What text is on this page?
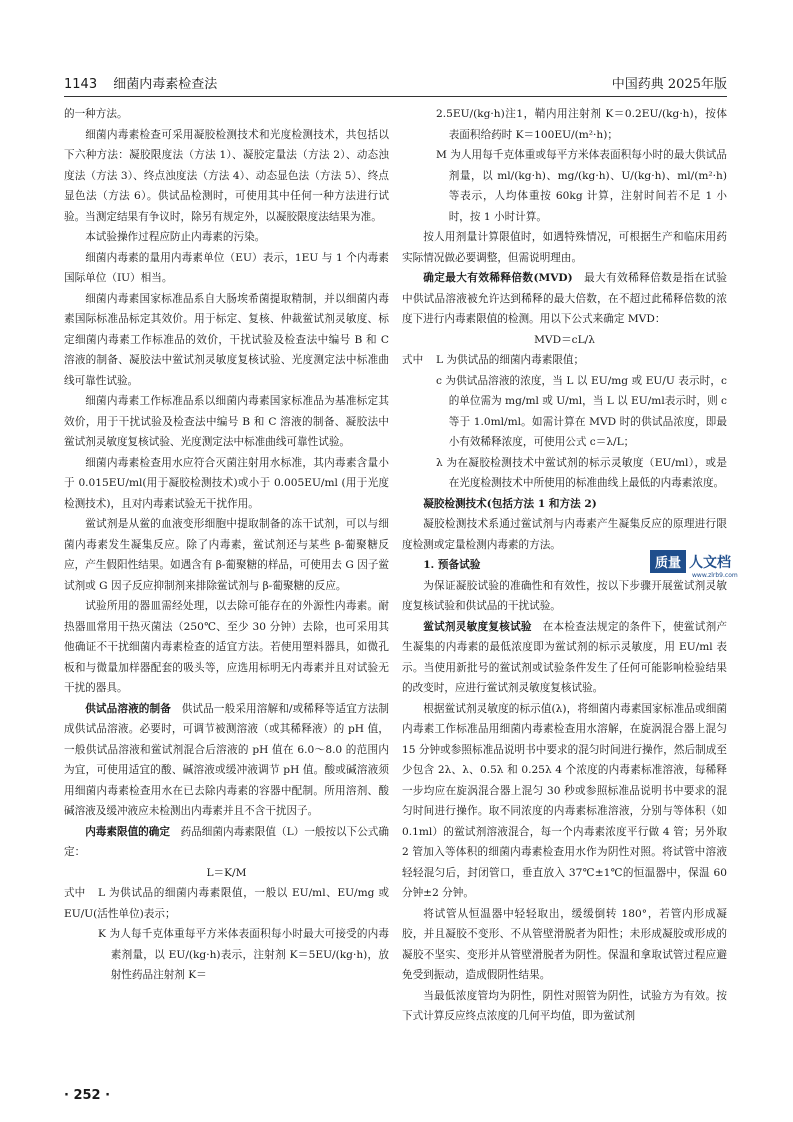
1143 细菌内毒素检查法	中国药典 2025年版

的一种方法。

细菌内毒素检查可采用凝胶检测技术和光度检测技术，共包括以下六种方法：凝胶限度法（方法 1）、凝胶定量法（方法 2）、动态浊度法（方法 3）、终点浊度法（方法 4）、动态显色法（方法 5）、终点显色法（方法 6）。供试品检测时，可使用其中任何一种方法进行试验。当测定结果有争议时，除另有规定外，以凝胶限度法结果为准。

本试验操作过程应防止内毒素的污染。

细菌内毒素的量用内毒素单位（EU）表示，1EU 与 1 个内毒素国际单位（IU）相当。

细菌内毒素国家标准品系自大肠埃希菌提取精制，并以细菌内毒素国际标准品标定其效价。用于标定、复核、仲裁鲎试剂灵敏度、标定细菌内毒素工作标准品的效价，干扰试验及检查法中编号 B 和 C 溶液的制备、凝胶法中鲎试剂灵敏度复核试验、光度测定法中标准曲线可靠性试验。

细菌内毒素工作标准品系以细菌内毒素国家标准品为基准标定其效价，用于干扰试验及检查法中编号 B 和 C 溶液的制备、凝胶法中鲎试剂灵敏度复核试验、光度测定法中标准曲线可靠性试验。

细菌内毒素检查用水应符合灭菌注射用水标准，其内毒素含量小于 0.015EU/ml(用于凝胶检测技术)或小于 0.005EU/ml (用于光度检测技术)，且对内毒素试验无干扰作用。

鲎试剂是从鲎的血液变形细胞中提取制备的冻干试剂，可以与细菌内毒素发生凝集反应。除了内毒素，鲎试剂还与某些 β-葡聚糖反应，产生假阳性结果。如遇含有 β-葡聚糖的样品，可使用去 G 因子鲎试剂或 G 因子反应抑制剂来排除鲎试剂与 β-葡聚糖的反应。

试验所用的器皿需经处理，以去除可能存在的外源性内毒素。耐热器皿常用干热灭菌法（250℃、至少 30 分钟）去除，也可采用其他确证不干扰细菌内毒素检查的适宜方法。若使用塑料器具，如微孔板和与微量加样器配套的吸头等，应选用标明无内毒素并且对试验无干扰的器具。

供试品溶液的制备　 供试品一般采用溶解和/或稀释等适宜方法制成供试品溶液。必要时，可调节被测溶液（或其稀释液）的 pH 值，一般供试品溶液和鲎试剂混合后溶液的 pH 值在 6.0～8.0 的范围内为宜，可使用适宜的酸、碱溶液或缓冲液调节 pH 值。酸或碱溶液须用细菌内毒素检查用水在已去除内毒素的容器中配制。所用溶剂、酸碱溶液及缓冲液应未检测出内毒素并且不含干扰因子。

内毒素限值的确定　 药品细菌内毒素限值（L）一般按以下公式确定：

L＝K/M

式中 L 为供试品的细菌内毒素限值，一般以 EU/ml、EU/mg 或 EU/U(活性单位)表示；

K 为人每千克体重每平方米体表面积每小时最大可接受的内毒素剂量，以 EU/(kg·h)表示，注射剂 K＝5EU/(kg·h)，放射性药品注射剂 K＝

2.5EU/(kg·h)注1，鞘内用注射剂 K＝0.2EU/(kg·h)，按体表面积给药时 K＝100EU/(m²·h)；

M 为人用每千克体重或每平方米体表面积每小时的最大供试品剂量，以 ml/(kg·h)、mg/(kg·h)、U/(kg·h)、ml/(m²·h) 等表示，人均体重按 60kg 计算，注射时间若不足 1 小时，按 1 小时计算。

按人用剂量计算限值时，如遇特殊情况，可根据生产和临床用药实际情况做必要调整，但需说明理由。

确定最大有效稀释倍数(MVD)　 最大有效稀释倍数是指在试验中供试品溶液被允许达到稀释的最大倍数，在不超过此稀释倍数的浓度下进行内毒素限值的检测。用以下公式来确定 MVD：

MVD＝cL/λ

式中 L 为供试品的细菌内毒素限值；

c 为供试品溶液的浓度，当 L 以 EU/mg 或 EU/U 表示时，c 的单位需为 mg/ml 或 U/ml，当 L 以 EU/ml表示时，则 c 等于 1.0ml/ml。如需计算在 MVD 时的供试品浓度，即最小有效稀释浓度，可使用公式 c＝λ/L；

λ 为在凝胶检测技术中鲎试剂的标示灵敏度（EU/ml），或是在光度检测技术中所使用的标准曲线上最低的内毒素浓度。

凝胶检测技术(包括方法 1 和方法 2)

凝胶检测技术系通过鲎试剂与内毒素产生凝集反应的原理进行限度检测或定量检测内毒素的方法。

1. 预备试验

为保证凝胶试验的准确性和有效性，按以下步骤开展鲎试剂灵敏度复核试验和供试品的干扰试验。

鲎试剂灵敏度复核试验　 在本检查法规定的条件下，使鲎试剂产生凝集的内毒素的最低浓度即为鲎试剂的标示灵敏度，用 EU/ml 表示。当使用新批号的鲎试剂或试验条件发生了任何可能影响检验结果的改变时，应进行鲎试剂灵敏度复核试验。

根据鲎试剂灵敏度的标示值(λ)，将细菌内毒素国家标准品或细菌内毒素工作标准品用细菌内毒素检查用水溶解，在旋涡混合器上混匀 15 分钟或参照标准品说明书中要求的混匀时间进行操作，然后制成至少包含 2λ、λ、0.5λ 和 0.25λ 4 个浓度的内毒素标准溶液，每稀释一步均应在旋涡混合器上混匀 30 秒或参照标准品说明书中要求的混匀时间进行操作。取不同浓度的内毒素标准溶液，分别与等体积（如 0.1ml）的鲎试剂溶液混合，每一个内毒素浓度平行做 4 管；另外取 2 管加入等体积的细菌内毒素检查用水作为阴性对照。将试管中溶液轻轻混匀后，封闭管口，垂直放入 37℃±1℃的恒温器中，保温 60 分钟±2 分钟。

将试管从恒温器中轻轻取出，缓缓倒转 180°，若管内形成凝胶，并且凝胶不变形、不从管壁滑脱者为阳性；未形成凝胶或形成的凝胶不坚实、变形并从管壁滑脱者为阴性。保温和拿取试管过程应避免受到振动，造成假阴性结果。

当最低浓度管均为阴性，阴性对照管为阴性，试验方为有效。按下式计算反应终点浓度的几何平均值，即为鲎试剂

质量 人文档
www.zlrb9.com
· 252 ·
